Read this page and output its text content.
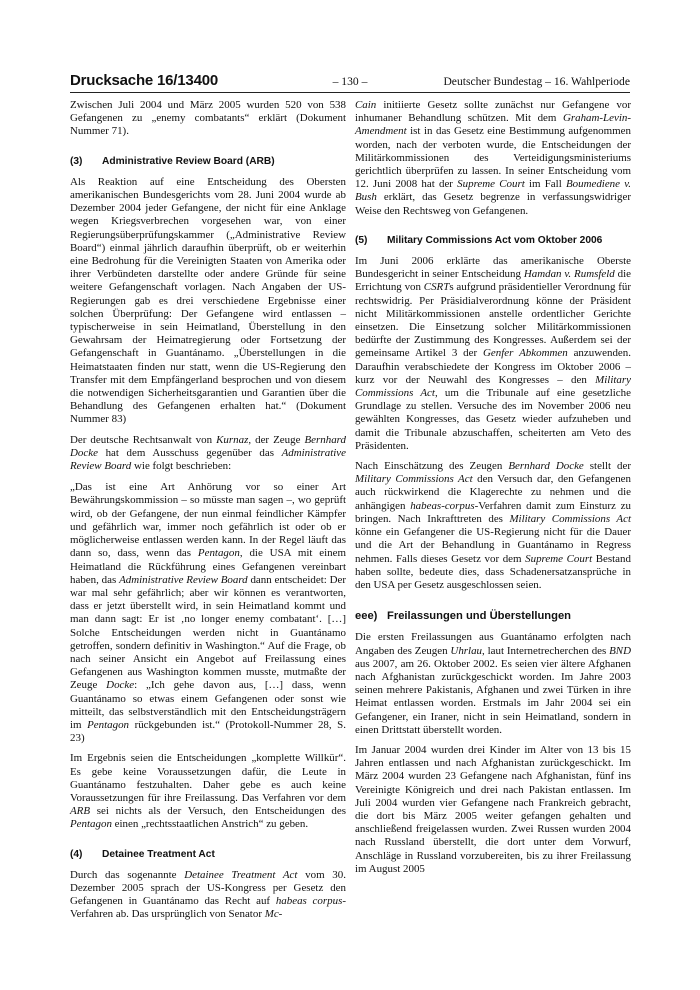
Drucksache 16/13400	– 130 –	Deutscher Bundestag – 16. Wahlperiode

Zwischen Juli 2004 und März 2005 wurden 520 von 538 Gefangenen zu „enemy combatants“ erklärt (Dokument Nummer 71).

(3)	Administrative Review Board (ARB)

Als Reaktion auf eine Entscheidung des Obersten amerikanischen Bundesgerichts vom 28. Juni 2004 wurde ab Dezember 2004 jeder Gefangene, der nicht für eine Anklage wegen Kriegsverbrechen vorgesehen war, von einer Regierungsüberprüfungskammer („Administrative Review Board“) einmal jährlich daraufhin überprüft, ob er weiterhin eine Bedrohung für die Vereinigten Staaten von Amerika oder ihrer Verbündeten darstellte oder andere Gründe für seine weitere Gefangenschaft vorlagen. Nach Angaben der US-Regierungen gab es drei verschiedene Ergebnisse einer solchen Überprüfung: Der Gefangene wird entlassen – typischerweise in sein Heimatland, Überstellung in den Gewahrsam der Heimatregierung oder Fortsetzung der Gefangenschaft in Guantánamo. „Überstellungen in die Heimatstaaten finden nur statt, wenn die US-Regierung den Transfer mit dem Empfängerland besprochen und von diesem die notwendigen Sicherheitsgarantien und Garantien über die Behandlung des Gefangenen erhalten hat.“ (Dokument Nummer 83)

Der deutsche Rechtsanwalt von Kurnaz, der Zeuge Bernhard Docke hat dem Ausschuss gegenüber das Administrative Review Board wie folgt beschrieben:

„Das ist eine Art Anhörung vor so einer Art Bewährungskommission – so müsste man sagen –, wo geprüft wird, ob der Gefangene, der nun einmal feindlicher Kämpfer und gefährlich war, immer noch gefährlich ist oder ob er möglicherweise entlassen werden kann. In der Regel läuft das dann so, dass, wenn das Pentagon, die USA mit einem Heimatland die Rückführung eines Gefangenen vereinbart haben, das Administrative Review Board dann entscheidet: Der war mal sehr gefährlich; aber wir können es verantworten, dass er jetzt überstellt wird, in sein Heimatland kommt und man dann sagt: Er ist ‚no longer enemy combatant‘. […] Solche Entscheidungen werden nicht in Guantánamo getroffen, sondern definitiv in Washington.“ Auf die Frage, ob nach seiner Ansicht ein Angebot auf Freilassung eines Gefangenen aus Washington kommen musste, mutmaßte der Zeuge Docke: „Ich gehe davon aus, […] dass, wenn Guantánamo so etwas einem Gefangenen oder sonst wie mitteilt, das selbstverständlich mit den Entscheidungsträgern im Pentagon rückgebunden ist.“ (Protokoll-Nummer 28, S. 23)

Im Ergebnis seien die Entscheidungen „komplette Willkür“. Es gebe keine Voraussetzungen dafür, die Leute in Guantánamo festzuhalten. Daher gebe es auch keine Voraussetzungen für ihre Freilassung. Das Verfahren vor dem ARB sei nichts als der Versuch, den Entscheidungen des Pentagon einen „rechtsstaatlichen Anstrich“ zu geben.

(4)	Detainee Treatment Act

Durch das sogenannte Detainee Treatment Act vom 30. Dezember 2005 sprach der US-Kongress per Gesetz den Gefangenen in Guantánamo das Recht auf habeas corpus-Verfahren ab. Das ursprünglich von Senator Mc-

Cain initiierte Gesetz sollte zunächst nur Gefangene vor inhumaner Behandlung schützen. Mit dem Graham-Levin-Amendment ist in das Gesetz eine Bestimmung aufgenommen worden, nach der verboten wurde, die Entscheidungen der Militärkommissionen des Verteidigungsministeriums gerichtlich überprüfen zu lassen. In seiner Entscheidung vom 12. Juni 2008 hat der Supreme Court im Fall Boumediene v. Bush erklärt, das Gesetz begrenze in verfassungswidriger Weise den Rechtsweg von Gefangenen.

(5)	Military Commissions Act vom Oktober 2006

Im Juni 2006 erklärte das amerikanische Oberste Bundesgericht in seiner Entscheidung Hamdan v. Rumsfeld die Errichtung von CSRTs aufgrund präsidentieller Verordnung für rechtswidrig. Per Präsidialverordnung könne der Präsident nicht Militärkommissionen anstelle ordentlicher Gerichte einsetzen. Die Einsetzung solcher Militärkommissionen bedürfte der Zustimmung des Kongresses. Außerdem sei der gemeinsame Artikel 3 der Genfer Abkommen anzuwenden. Daraufhin verabschiedete der Kongress im Oktober 2006 – kurz vor der Neuwahl des Kongresses – den Military Commissions Act, um die Tribunale auf eine gesetzliche Grundlage zu stellen. Versuche des im November 2006 neu gewählten Kongresses, das Gesetz wieder aufzuheben und damit die Tribunale abzuschaffen, scheiterten am Veto des Präsidenten.

Nach Einschätzung des Zeugen Bernhard Docke stellt der Military Commissions Act den Versuch dar, den Gefangenen auch rückwirkend die Klagerechte zu nehmen und die anhängigen habeas-corpus-Verfahren damit zum Einsturz zu bringen. Nach Inkrafttreten des Military Commissions Act könne ein Gefangener die US-Regierung nicht für die Dauer und die Art der Behandlung in Guantánamo in Regress nehmen. Falls dieses Gesetz vor dem Supreme Court Bestand haben sollte, bedeute dies, dass Schadenersatzansprüche in den USA per Gesetz ausgeschlossen seien.

eee) Freilassungen und Überstellungen

Die ersten Freilassungen aus Guantánamo erfolgten nach Angaben des Zeugen Uhrlau, laut Internetrecherchen des BND aus 2007, am 26. Oktober 2002. Es seien vier ältere Afghanen nach Afghanistan zurückgeschickt worden. Im Jahre 2003 seinen mehrere Pakistanis, Afghanen und zwei Türken in ihre Heimat entlassen worden. Erstmals im Jahr 2004 sei ein Gefangener, ein Iraner, nicht in sein Heimatland, sondern in einen Drittstatt überstellt worden.

Im Januar 2004 wurden drei Kinder im Alter von 13 bis 15 Jahren entlassen und nach Afghanistan zurückgeschickt. Im März 2004 wurden 23 Gefangene nach Afghanistan, fünf ins Vereinigte Königreich und drei nach Pakistan entlassen. Im Juli 2004 wurden vier Gefangene nach Frankreich gebracht, die dort bis März 2005 weiter gefangen gehalten und anschließend freigelassen wurden. Zwei Russen wurden 2004 nach Russland überstellt, die dort unter dem Vorwurf, Anschläge in Russland vorzubereiten, bis zu ihrer Freilassung im August 2005
